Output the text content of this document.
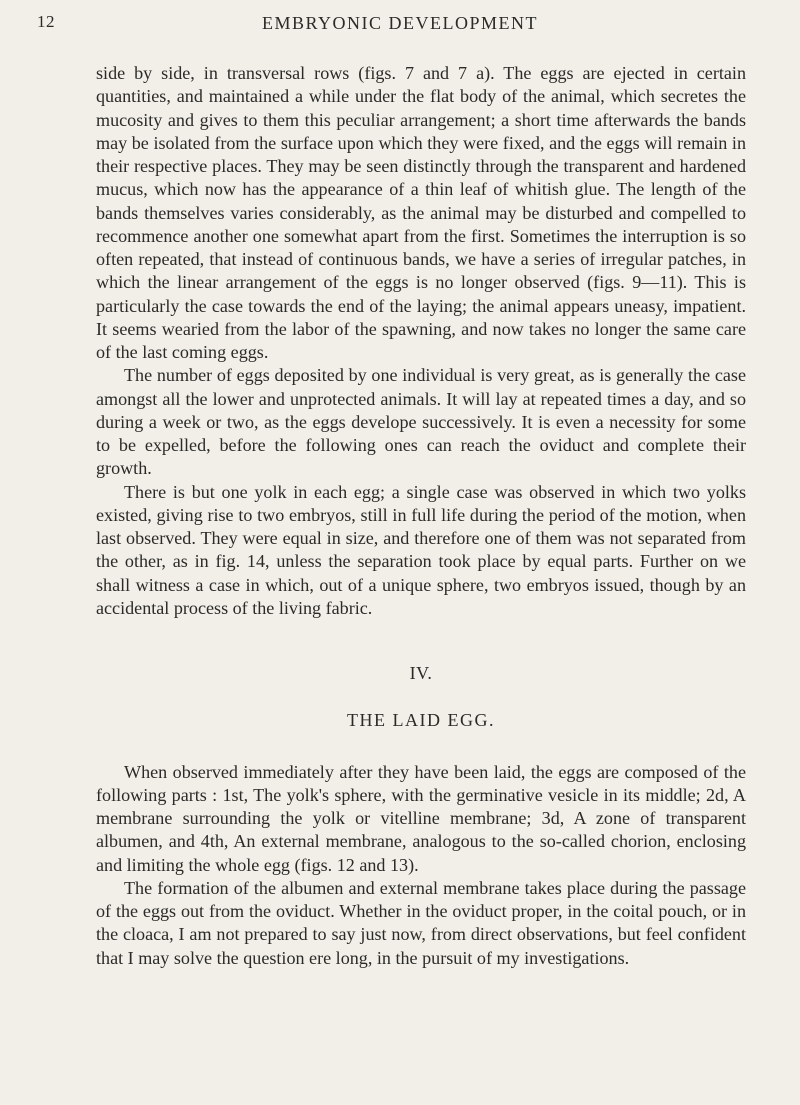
12	EMBRYONIC DEVELOPMENT

side by side, in transversal rows (figs. 7 and 7 a). The eggs are ejected in certain quantities, and maintained a while under the flat body of the animal, which secretes the mucosity and gives to them this peculiar arrangement; a short time afterwards the bands may be isolated from the surface upon which they were fixed, and the eggs will remain in their respective places. They may be seen distinctly through the transparent and hardened mucus, which now has the appearance of a thin leaf of whitish glue. The length of the bands themselves varies considerably, as the animal may be disturbed and compelled to recommence another one somewhat apart from the first. Sometimes the interruption is so often repeated, that instead of continuous bands, we have a series of irregular patches, in which the linear arrangement of the eggs is no longer observed (figs. 9—11). This is particularly the case towards the end of the laying; the animal appears uneasy, impatient. It seems wearied from the labor of the spawning, and now takes no longer the same care of the last coming eggs.

The number of eggs deposited by one individual is very great, as is generally the case amongst all the lower and unprotected animals. It will lay at repeated times a day, and so during a week or two, as the eggs develope successively. It is even a necessity for some to be expelled, before the following ones can reach the oviduct and complete their growth.

There is but one yolk in each egg; a single case was observed in which two yolks existed, giving rise to two embryos, still in full life during the period of the motion, when last observed. They were equal in size, and therefore one of them was not separated from the other, as in fig. 14, unless the separation took place by equal parts. Further on we shall witness a case in which, out of a unique sphere, two embryos issued, though by an accidental process of the living fabric.

IV.
THE LAID EGG.

When observed immediately after they have been laid, the eggs are composed of the following parts : 1st, The yolk's sphere, with the germinative vesicle in its middle; 2d, A membrane surrounding the yolk or vitelline membrane; 3d, A zone of transparent albumen, and 4th, An external membrane, analogous to the so-called chorion, enclosing and limiting the whole egg (figs. 12 and 13).

The formation of the albumen and external membrane takes place during the passage of the eggs out from the oviduct. Whether in the oviduct proper, in the coital pouch, or in the cloaca, I am not prepared to say just now, from direct observations, but feel confident that I may solve the question ere long, in the pursuit of my investigations.
